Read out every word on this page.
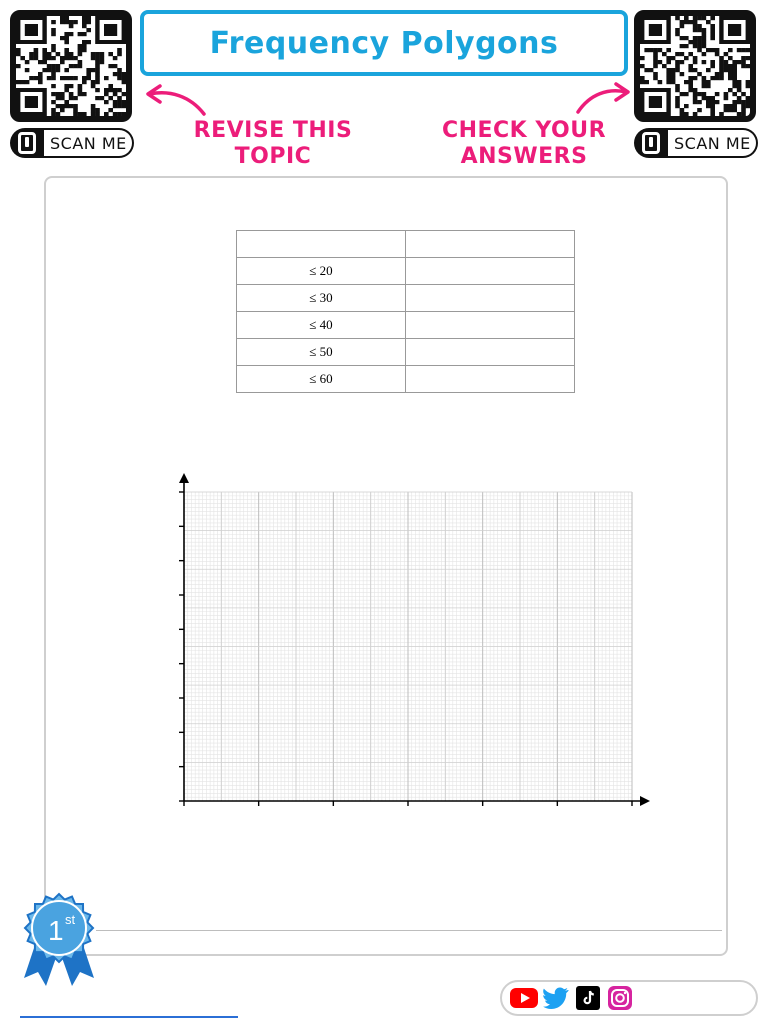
SCAN ME	SCAN ME
Frequency Polygons
REVISE THIS TOPIC
CHECK YOUR ANSWERS

≤ 20	
≤ 30	
≤ 40	
≤ 50	
≤ 60	
1 st
